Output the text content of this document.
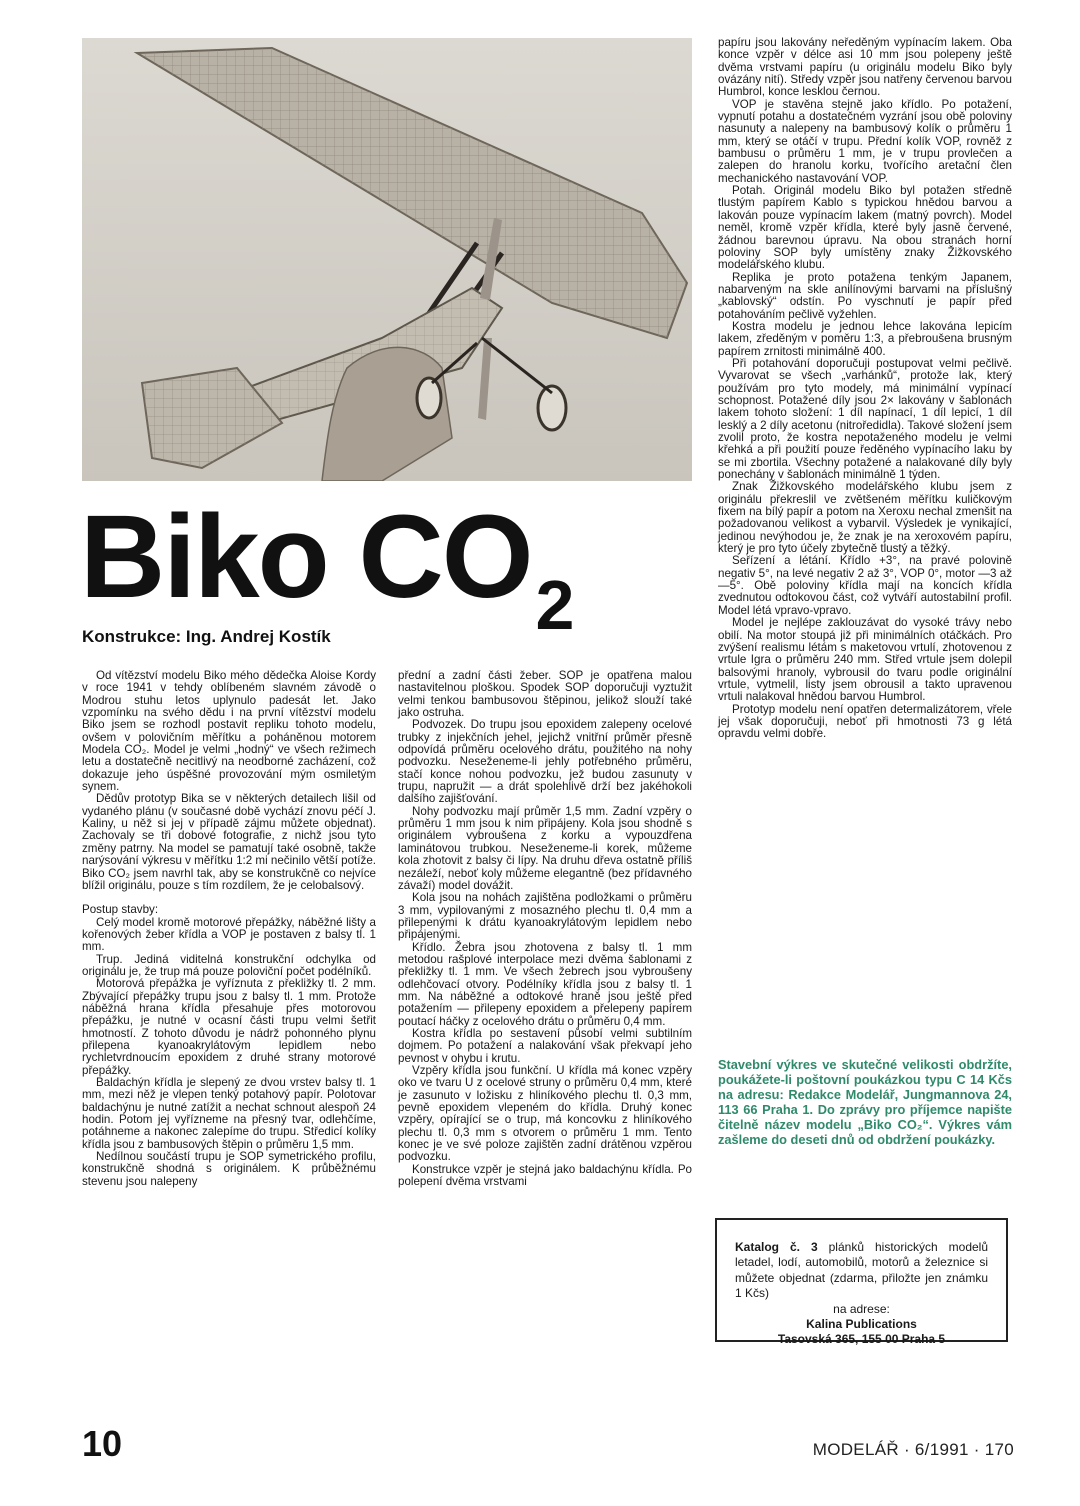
Biko $CO_2$
Konstrukce: Ing. Andrej Kostík

Od vítězství modelu Biko mého dědečka Aloise Kordy v roce 1941 v tehdy oblíbeném slavném závodě o Modrou stuhu letos uplynulo padesát let. Jako vzpomínku na svého dědu i na první vítězství modelu Biko jsem se rozhodl postavit repliku tohoto modelu, ovšem v polovičním měřítku a poháněnou motorem Modela CO₂. Model je velmi „hodný“ ve všech režimech letu a dostatečně necitlivý na neodborné zacházení, což dokazuje jeho úspěšné provozování mým osmiletým synem.

Dědův prototyp Bika se v některých detailech lišil od vydaného plánu (v současné době vychází znovu péčí J. Kaliny, u něž si jej v případě zájmu můžete objednat). Zachovaly se tři dobové fotografie, z nichž jsou tyto změny patrny. Na model se pamatují také osobně, takže narýsování výkresu v měřítku 1:2 mi nečinilo větší potíže. Biko CO₂ jsem navrhl tak, aby se konstrukčně co nejvíce blížil originálu, pouze s tím rozdílem, že je celobalsový.

Postup stavby:

Celý model kromě motorové přepážky, náběžné lišty a kořenových žeber křídla a VOP je postaven z balsy tl. 1 mm.

Trup. Jediná viditelná konstrukční odchylka od originálu je, že trup má pouze poloviční počet podélníků.

Motorová přepážka je vyříznuta z překližky tl. 2 mm. Zbývající přepážky trupu jsou z balsy tl. 1 mm. Protože náběžná hrana křídla přesahuje přes motorovou přepážku, je nutné v ocasní části trupu velmi šetřit hmotností. Z tohoto důvodu je nádrž pohonného plynu přilepena kyanoakrylátovým lepidlem nebo rychletvrdnoucím epoxidem z druhé strany motorové přepážky.

Baldachýn křídla je slepený ze dvou vrstev balsy tl. 1 mm, mezi něž je vlepen tenký potahový papír. Polotovar baldachýnu je nutné zatížit a nechat schnout alespoň 24 hodin. Potom jej vyřízneme na přesný tvar, odlehčíme, potáhneme a nakonec zalepíme do trupu. Středicí kolíky křídla jsou z bambusových štěpin o průměru 1,5 mm.

Nedílnou součástí trupu je SOP symetrického profilu, konstrukčně shodná s originálem. K průběžnému stevenu jsou nalepeny

přední a zadní části žeber. SOP je opatřena malou nastavitelnou ploškou. Spodek SOP doporučuji vyztužit velmi tenkou bambusovou štěpinou, jelikož slouží také jako ostruha.

Podvozek. Do trupu jsou epoxidem zalepeny ocelové trubky z injekčních jehel, jejichž vnitřní průměr přesně odpovídá průměru ocelového drátu, použitého na nohy podvozku. Neseženeme-li jehly potřebného průměru, stačí konce nohou podvozku, jež budou zasunuty v trupu, napružit — a drát spolehlivě drží bez jakéhokoli dalšího zajišťování.

Nohy podvozku mají průměr 1,5 mm. Zadní vzpěry o průměru 1 mm jsou k nim připájeny. Kola jsou shodně s originálem vybroušena z korku a vypouzdřena laminátovou trubkou. Neseženeme-li korek, můžeme kola zhotovit z balsy či lípy. Na druhu dřeva ostatně příliš nezáleží, neboť koly můžeme elegantně (bez přídavného závaží) model dovážit.

Kola jsou na nohách zajištěna podložkami o průměru 3 mm, vypilovanými z mosazného plechu tl. 0,4 mm a přilepenými k drátu kyanoakrylátovým lepidlem nebo připájenými.

Křídlo. Žebra jsou zhotovena z balsy tl. 1 mm metodou rašplové interpolace mezi dvěma šablonami z překližky tl. 1 mm. Ve všech žebrech jsou vybroušeny odlehčovací otvory. Podélníky křídla jsou z balsy tl. 1 mm. Na náběžné a odtokové hraně jsou ještě před potažením — přilepeny epoxidem a přelepeny papírem poutací háčky z ocelového drátu o průměru 0,4 mm.

Kostra křídla po sestavení působí velmi subtilním dojmem. Po potažení a nalakování však překvapí jeho pevnost v ohybu i krutu.

Vzpěry křídla jsou funkční. U křídla má konec vzpěry oko ve tvaru U z ocelové struny o průměru 0,4 mm, které je zasunuto v ložisku z hliníkového plechu tl. 0,3 mm, pevně epoxidem vlepeném do křídla. Druhý konec vzpěry, opírající se o trup, má koncovku z hliníkového plechu tl. 0,3 mm s otvorem o průměru 1 mm. Tento konec je ve své poloze zajištěn zadní drátěnou vzpěrou podvozku.

Konstrukce vzpěr je stejná jako baldachýnu křídla. Po polepení dvěma vrstvami

papíru jsou lakovány neředěným vypínacím lakem. Oba konce vzpěr v délce asi 10 mm jsou polepeny ještě dvěma vrstvami papíru (u originálu modelu Biko byly ovázány nití). Středy vzpěr jsou natřeny červenou barvou Humbrol, konce lesklou černou.

VOP je stavěna stejně jako křídlo. Po potažení, vypnutí potahu a dostatečném vyzrání jsou obě poloviny nasunuty a nalepeny na bambusový kolík o průměru 1 mm, který se otáčí v trupu. Přední kolík VOP, rovněž z bambusu o průměru 1 mm, je v trupu provlečen a zalepen do hranolu korku, tvořícího aretační člen mechanického nastavování VOP.

Potah. Originál modelu Biko byl potažen středně tlustým papírem Kablo s typickou hnědou barvou a lakován pouze vypínacím lakem (matný povrch). Model neměl, kromě vzpěr křídla, které byly jasně červené, žádnou barevnou úpravu. Na obou stranách horní poloviny SOP byly umístěny znaky Žižkovského modelářského klubu.

Replika je proto potažena tenkým Japanem, nabarveným na skle anilínovými barvami na příslušný „kablovský“ odstín. Po vyschnutí je papír před potahováním pečlivě vyžehlen.

Kostra modelu je jednou lehce lakována lepicím lakem, zředěným v poměru 1:3, a přebroušena brusným papírem zrnitosti minimálně 400.

Při potahování doporučuji postupovat velmi pečlivě. Vyvarovat se všech „varhánků“, protože lak, který používám pro tyto modely, má minimální vypínací schopnost. Potažené díly jsou 2× lakovány v šablonách lakem tohoto složení: 1 díl napínací, 1 díl lepicí, 1 díl lesklý a 2 díly acetonu (nitroředidla). Takové složení jsem zvolil proto, že kostra nepotaženého modelu je velmi křehká a při použití pouze ředěného vypínacího laku by se mi zbortila. Všechny potažené a nalakované díly byly ponechány v šablonách minimálně 1 týden.

Znak Žižkovského modelářského klubu jsem z originálu překreslil ve zvětšeném měřítku kuličkovým fixem na bílý papír a potom na Xeroxu nechal zmenšit na požadovanou velikost a vybarvil. Výsledek je vynikající, jedinou nevýhodou je, že znak je na xeroxovém papíru, který je pro tyto účely zbytečně tlustý a těžký.

Seřízení a létání. Křídlo +3°, na pravé polovině negativ 5°, na levé negativ 2 až 3°, VOP 0°, motor —3 až —5°. Obě poloviny křídla mají na koncích křídla zvednutou odtokovou část, což vytváří autostabilní profil. Model létá vpravo-vpravo.

Model je nejlépe zaklouzávat do vysoké trávy nebo obilí. Na motor stoupá již při minimálních otáčkách. Pro zvýšení realismu létám s maketovou vrtulí, zhotovenou z vrtule Igra o průměru 240 mm. Střed vrtule jsem dolepil balsovými hranoly, vybrousil do tvaru podle originální vrtule, vytmelil, listy jsem obrousil a takto upravenou vrtuli nalakoval hnědou barvou Humbrol.

Prototyp modelu není opatřen determalizátorem, vřele jej však doporučuji, neboť při hmotnosti 73 g létá opravdu velmi dobře.

Stavební výkres ve skutečné velikosti obdržíte, poukážete-li poštovní poukázkou typu C 14 Kčs na adresu: Redakce Modelář, Jungmannova 24, 113 66 Praha 1. Do zprávy pro příjemce napište čitelně název modelu „Biko CO₂“. Výkres vám zašleme do deseti dnů od obdržení poukázky.
Katalog č. 3 plánků historických modelů letadel, lodí, automobilů, motorů a železnice si můžete objednat (zdarma, přiložte jen známku 1 Kčs)
na adrese:
Kalina Publications
Tasovská 365, 155 00 Praha 5
10	MODELÁŘ · 6/1991 · 170
